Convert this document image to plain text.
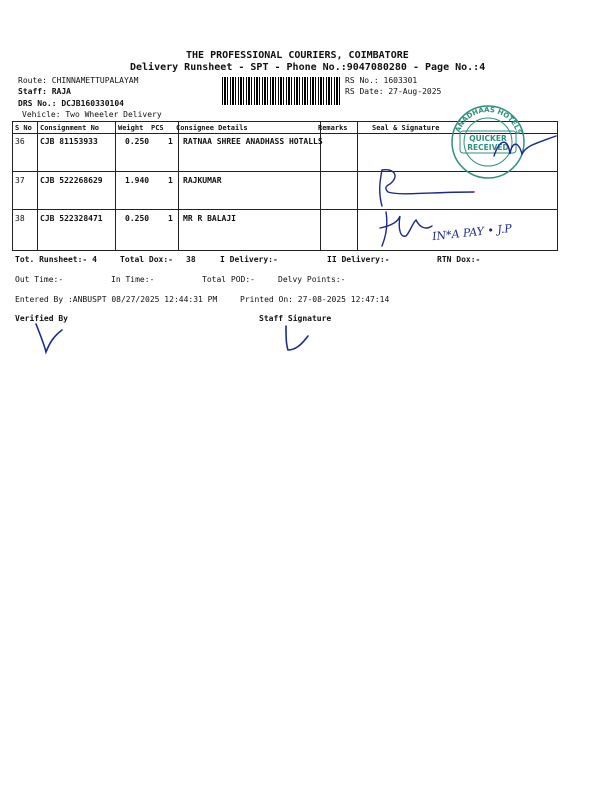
THE PROFESSIONAL COURIERS, COIMBATORE
Delivery Runsheet - SPT - Phone No.:9047080280 - Page No.:4
Route: CHINNAMETTUPALAYAM
Staff: RAJA
DRS No.: DCJB160330104
Vehicle: Two Wheeler Delivery
RS No.: 1603301
RS Date: 27-Aug-2025
S No Consignment No	Weight PCS Consignee Details	Remarks	Seal & Signature
36 CJB 81153933	0.250 1 RATNAA SHREE ANADHASS HOTALLS
37 CJB 522268629	1.940 1 RAJKUMAR
38 CJB 522328471	0.250 1 MR R BALAJI
ANADHAAS HOTELS
QUICKER
RECEIVED
IN*A PAY • J.P
Tot. Runsheet:- 4	Total Dox:- 38	I Delivery:-	II Delivery:-	RTN Dox:-
Out Time:-	In Time:-	Total POD:-	Delvy Points:-
Entered By :ANBUSPT 08/27/2025 12:44:31 PM	Printed On: 27-08-2025 12:47:14
Verified By	Staff Signature
